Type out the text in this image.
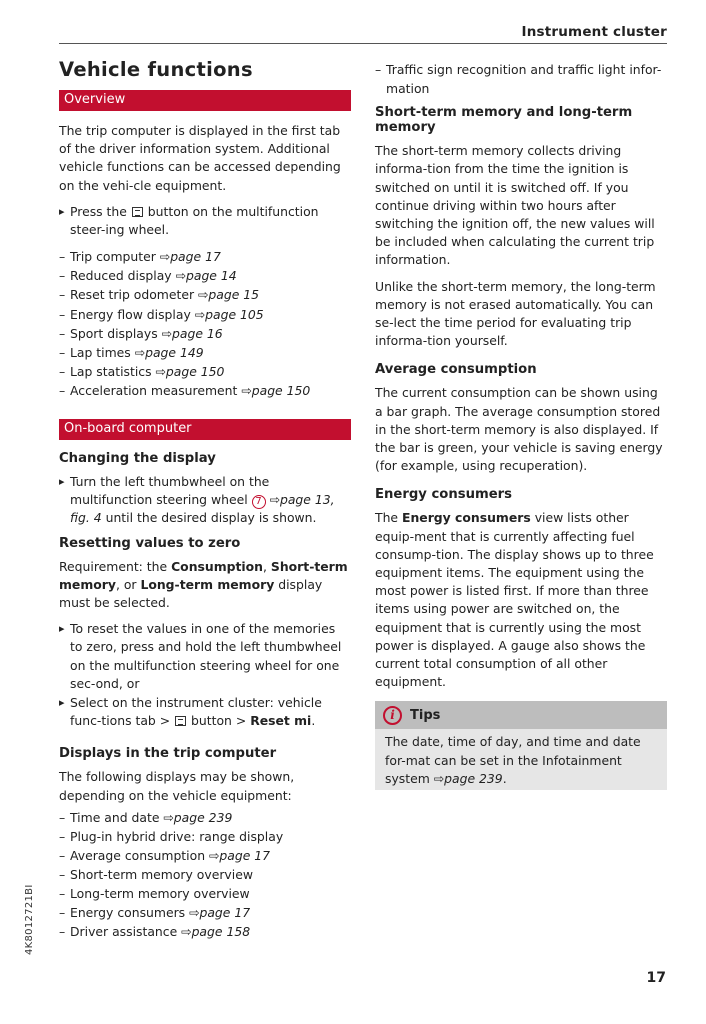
Instrument cluster
Vehicle functions
Overview

The trip computer is displayed in the first tab of the driver information system. Additional vehicle functions can be accessed depending on the vehi-cle equipment.

▸ Press the button on the multifunction steer-ing wheel.
– Trip computer ⇨page 17
– Reduced display ⇨page 14
– Reset trip odometer ⇨page 15
– Energy flow display ⇨page 105
– Sport displays ⇨page 16
– Lap times ⇨page 149
– Lap statistics ⇨page 150
– Acceleration measurement ⇨page 150
On-board computer
Changing the display
▸ Turn the left thumbwheel on the multifunction steering wheel 7 ⇨page 13, fig. 4 until the desired display is shown.
Resetting values to zero

Requirement: the Consumption, Short-term memory, or Long-term memory display must be selected.

▸ To reset the values in one of the memories to zero, press and hold the left thumbwheel on the multifunction steering wheel for one sec-ond, or
▸ Select on the instrument cluster: vehicle func-tions tab > button > Reset mi.
Displays in the trip computer

The following displays may be shown, depending on the vehicle equipment:

– Time and date ⇨page 239
– Plug-in hybrid drive: range display
– Average consumption ⇨page 17
– Short-term memory overview
– Long-term memory overview
– Energy consumers ⇨page 17
– Driver assistance ⇨page 158
– Traffic sign recognition and traffic light infor-mation
Short-term memory and long-term memory

The short-term memory collects driving informa-tion from the time the ignition is switched on until it is switched off. If you continue driving within two hours after switching the ignition off, the new values will be included when calculating the current trip information.

Unlike the short-term memory, the long-term memory is not erased automatically. You can se-lect the time period for evaluating trip informa-tion yourself.

Average consumption

The current consumption can be shown using a bar graph. The average consumption stored in the short-term memory is also displayed. If the bar is green, your vehicle is saving energy (for example, using recuperation).

Energy consumers

The Energy consumers view lists other equip-ment that is currently affecting fuel consump-tion. The display shows up to three equipment items. The equipment using the most power is listed first. If more than three items using power are switched on, the equipment that is currently using the most power is displayed. A gauge also shows the current total consumption of all other equipment.

i	Tips
The date, time of day, and time and date for-mat can be set in the Infotainment system ⇨page 239.
4K8012721BI
17
